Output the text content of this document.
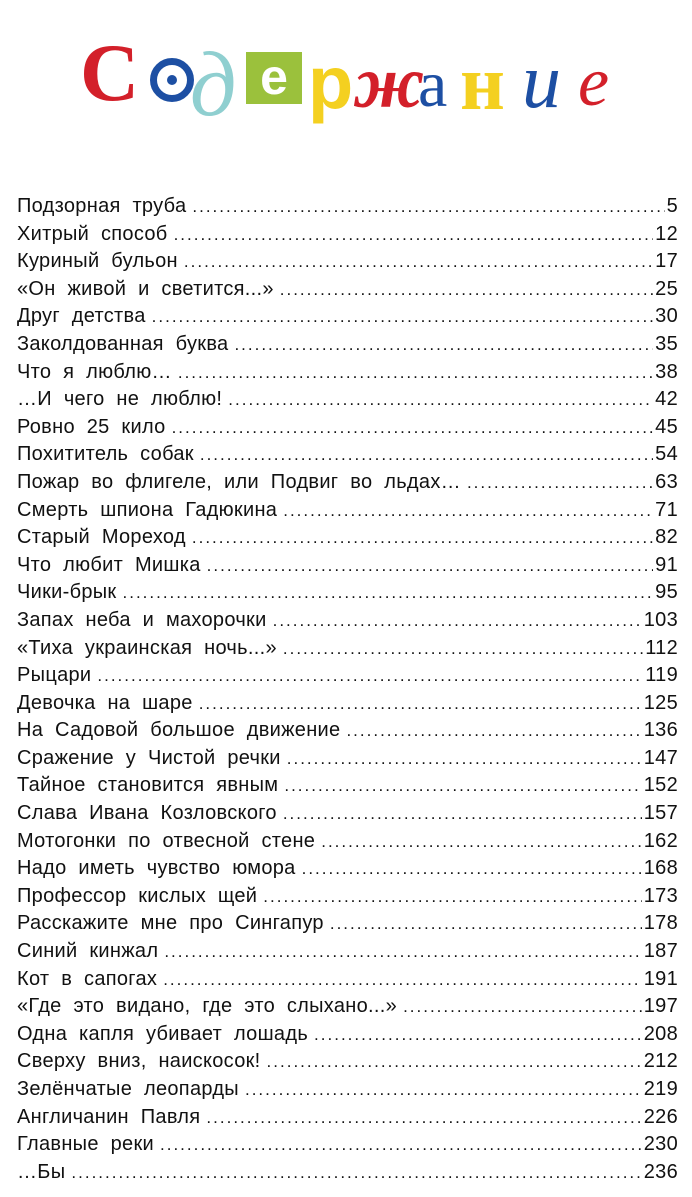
С д е р ж
а н и е
Подзорная труба .....	5
Хитрый способ .....	12
Куриный бульон .....	17
«Он живой и светится...» .....	25
Друг детства .....	30
Заколдованная буква .....	35
Что я люблю… .....	38
…И чего не люблю! .....	42
Ровно 25 кило .....	45
Похититель собак .....	54
Пожар во флигеле, или Подвиг во льдах… .....	63
Смерть шпиона Гадюкина .....	71
Старый Мореход .....	82
Что любит Мишка .....	91
Чики-брык .....	95
Запах неба и махорочки .....	103
«Тиха украинская ночь...» .....	112
Рыцари .....	119
Девочка на шаре .....	125
На Садовой большое движение .....	136
Сражение у Чистой речки .....	147
Тайное становится явным .....	152
Слава Ивана Козловского .....	157
Мотогонки по отвесной стене .....	162
Надо иметь чувство юмора .....	168
Профессор кислых щей .....	173
Расскажите мне про Сингапур .....	178
Синий кинжал .....	187
Кот в сапогах .....	191
«Где это видано, где это слыхано...» .....	197
Одна капля убивает лошадь .....	208
Сверху вниз, наискосок! .....	212
Зелёнчатые леопарды .....	219
Англичанин Павля .....	226
Главные реки .....	230
…Бы .....	236
